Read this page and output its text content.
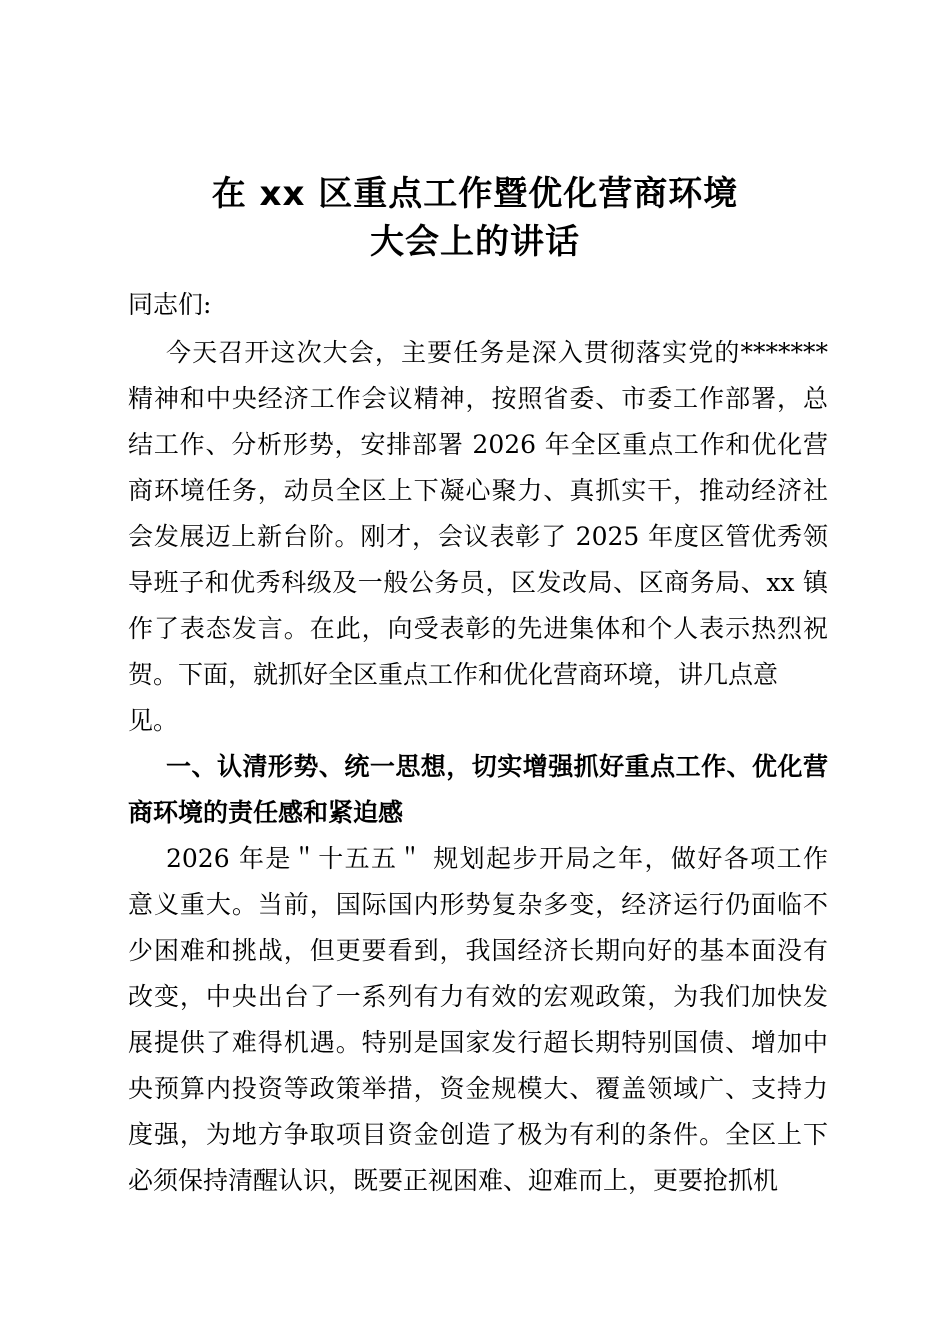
在 xx 区重点工作暨优化营商环境
大会上的讲话
同志们:
今天召开这次大会，主要任务是深入贯彻落实党的*******
精神和中央经济工作会议精神，按照省委、市委工作部署，总
结工作、分析形势，安排部署 2026 年全区重点工作和优化营
商环境任务，动员全区上下凝心聚力、真抓实干，推动经济社
会发展迈上新台阶。刚才，会议表彰了 2025 年度区管优秀领
导班子和优秀科级及一般公务员，区发改局、区商务局、xx 镇
作了表态发言。在此，向受表彰的先进集体和个人表示热烈祝
贺。下面，就抓好全区重点工作和优化营商环境，讲几点意
见。
一、认清形势、统一思想，切实增强抓好重点工作、优化营
商环境的责任感和紧迫感
2026 年是＂十五五＂ 规划起步开局之年，做好各项工作
意义重大。当前，国际国内形势复杂多变，经济运行仍面临不
少困难和挑战，但更要看到，我国经济长期向好的基本面没有
改变，中央出台了一系列有力有效的宏观政策，为我们加快发
展提供了难得机遇。特别是国家发行超长期特别国债、增加中
央预算内投资等政策举措，资金规模大、覆盖领域广、支持力
度强，为地方争取项目资金创造了极为有利的条件。全区上下
必须保持清醒认识，既要正视困难、迎难而上，更要抢抓机
